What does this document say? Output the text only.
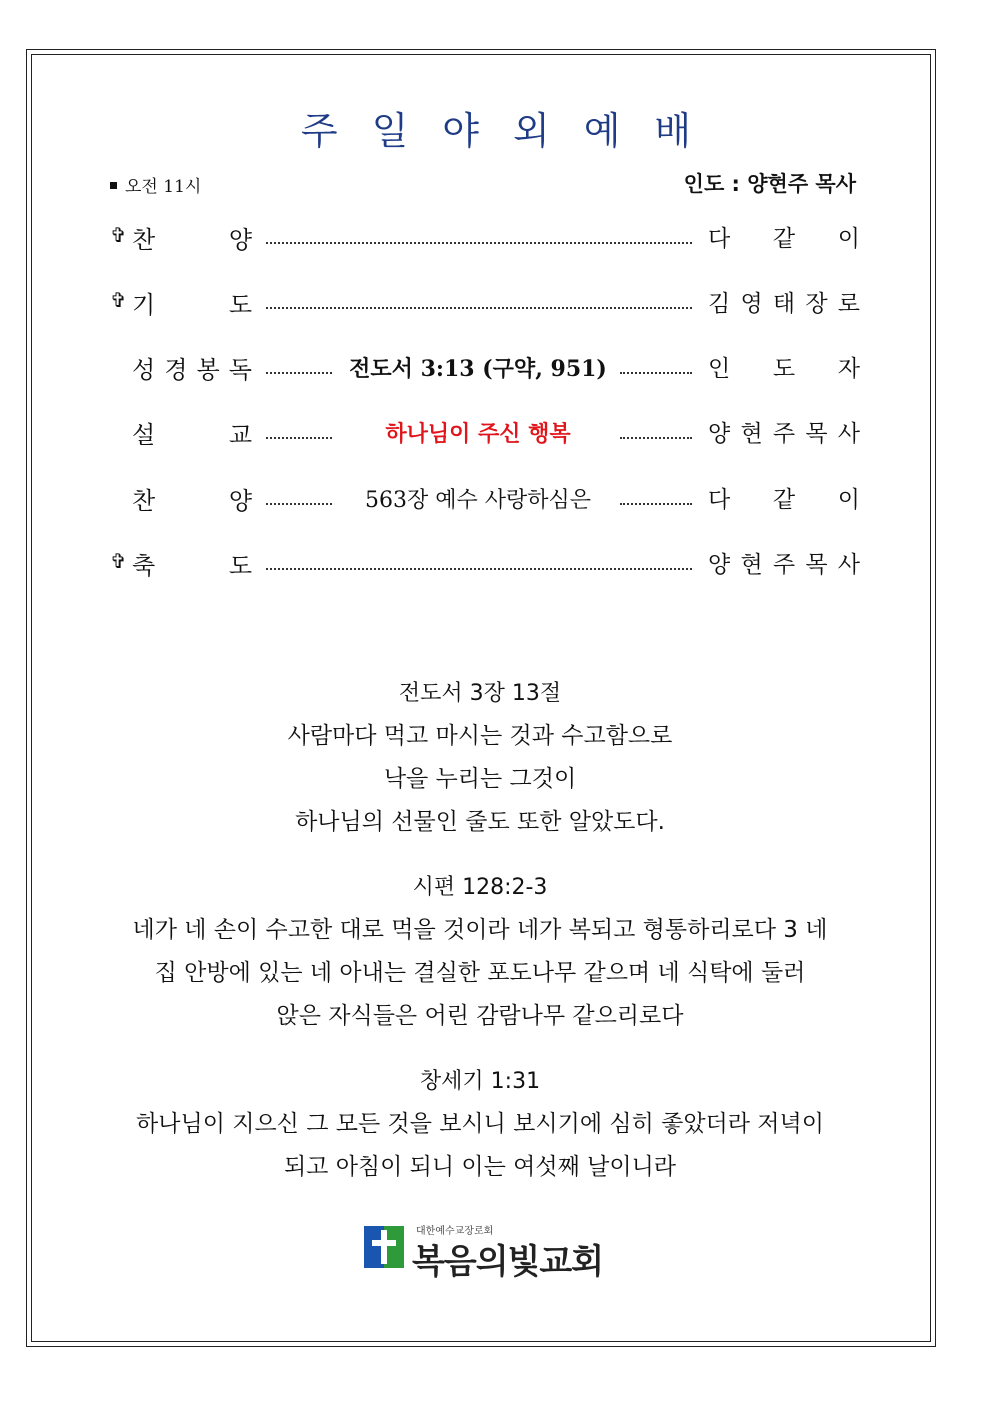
주일야외예배
오전 11시	인도 : 양현주 목사
✞ 찬	양	다 같 이
✞ 기	도	김 영 태 장 로
성 경 봉 독	전도서 3:13 (구약, 951)	인 도 자
설	교	하나님이 주신 행복	양 현 주 목 사
찬	양	563장 예수 사랑하심은	다 같 이
✞ 축	도	양 현 주 목 사
전도서 3장 13절
사람마다 먹고 마시는 것과 수고함으로
낙을 누리는 그것이
하나님의 선물인 줄도 또한 알았도다.
시편 128:2-3
네가 네 손이 수고한 대로 먹을 것이라 네가 복되고 형통하리로다 3 네
집 안방에 있는 네 아내는 결실한 포도나무 같으며 네 식탁에 둘러
앉은 자식들은 어린 감람나무 같으리로다
창세기 1:31
하나님이 지으신 그 모든 것을 보시니 보시기에 심히 좋았더라 저녁이
되고 아침이 되니 이는 여섯째 날이니라
대한예수교장로회
복음의빛교회
